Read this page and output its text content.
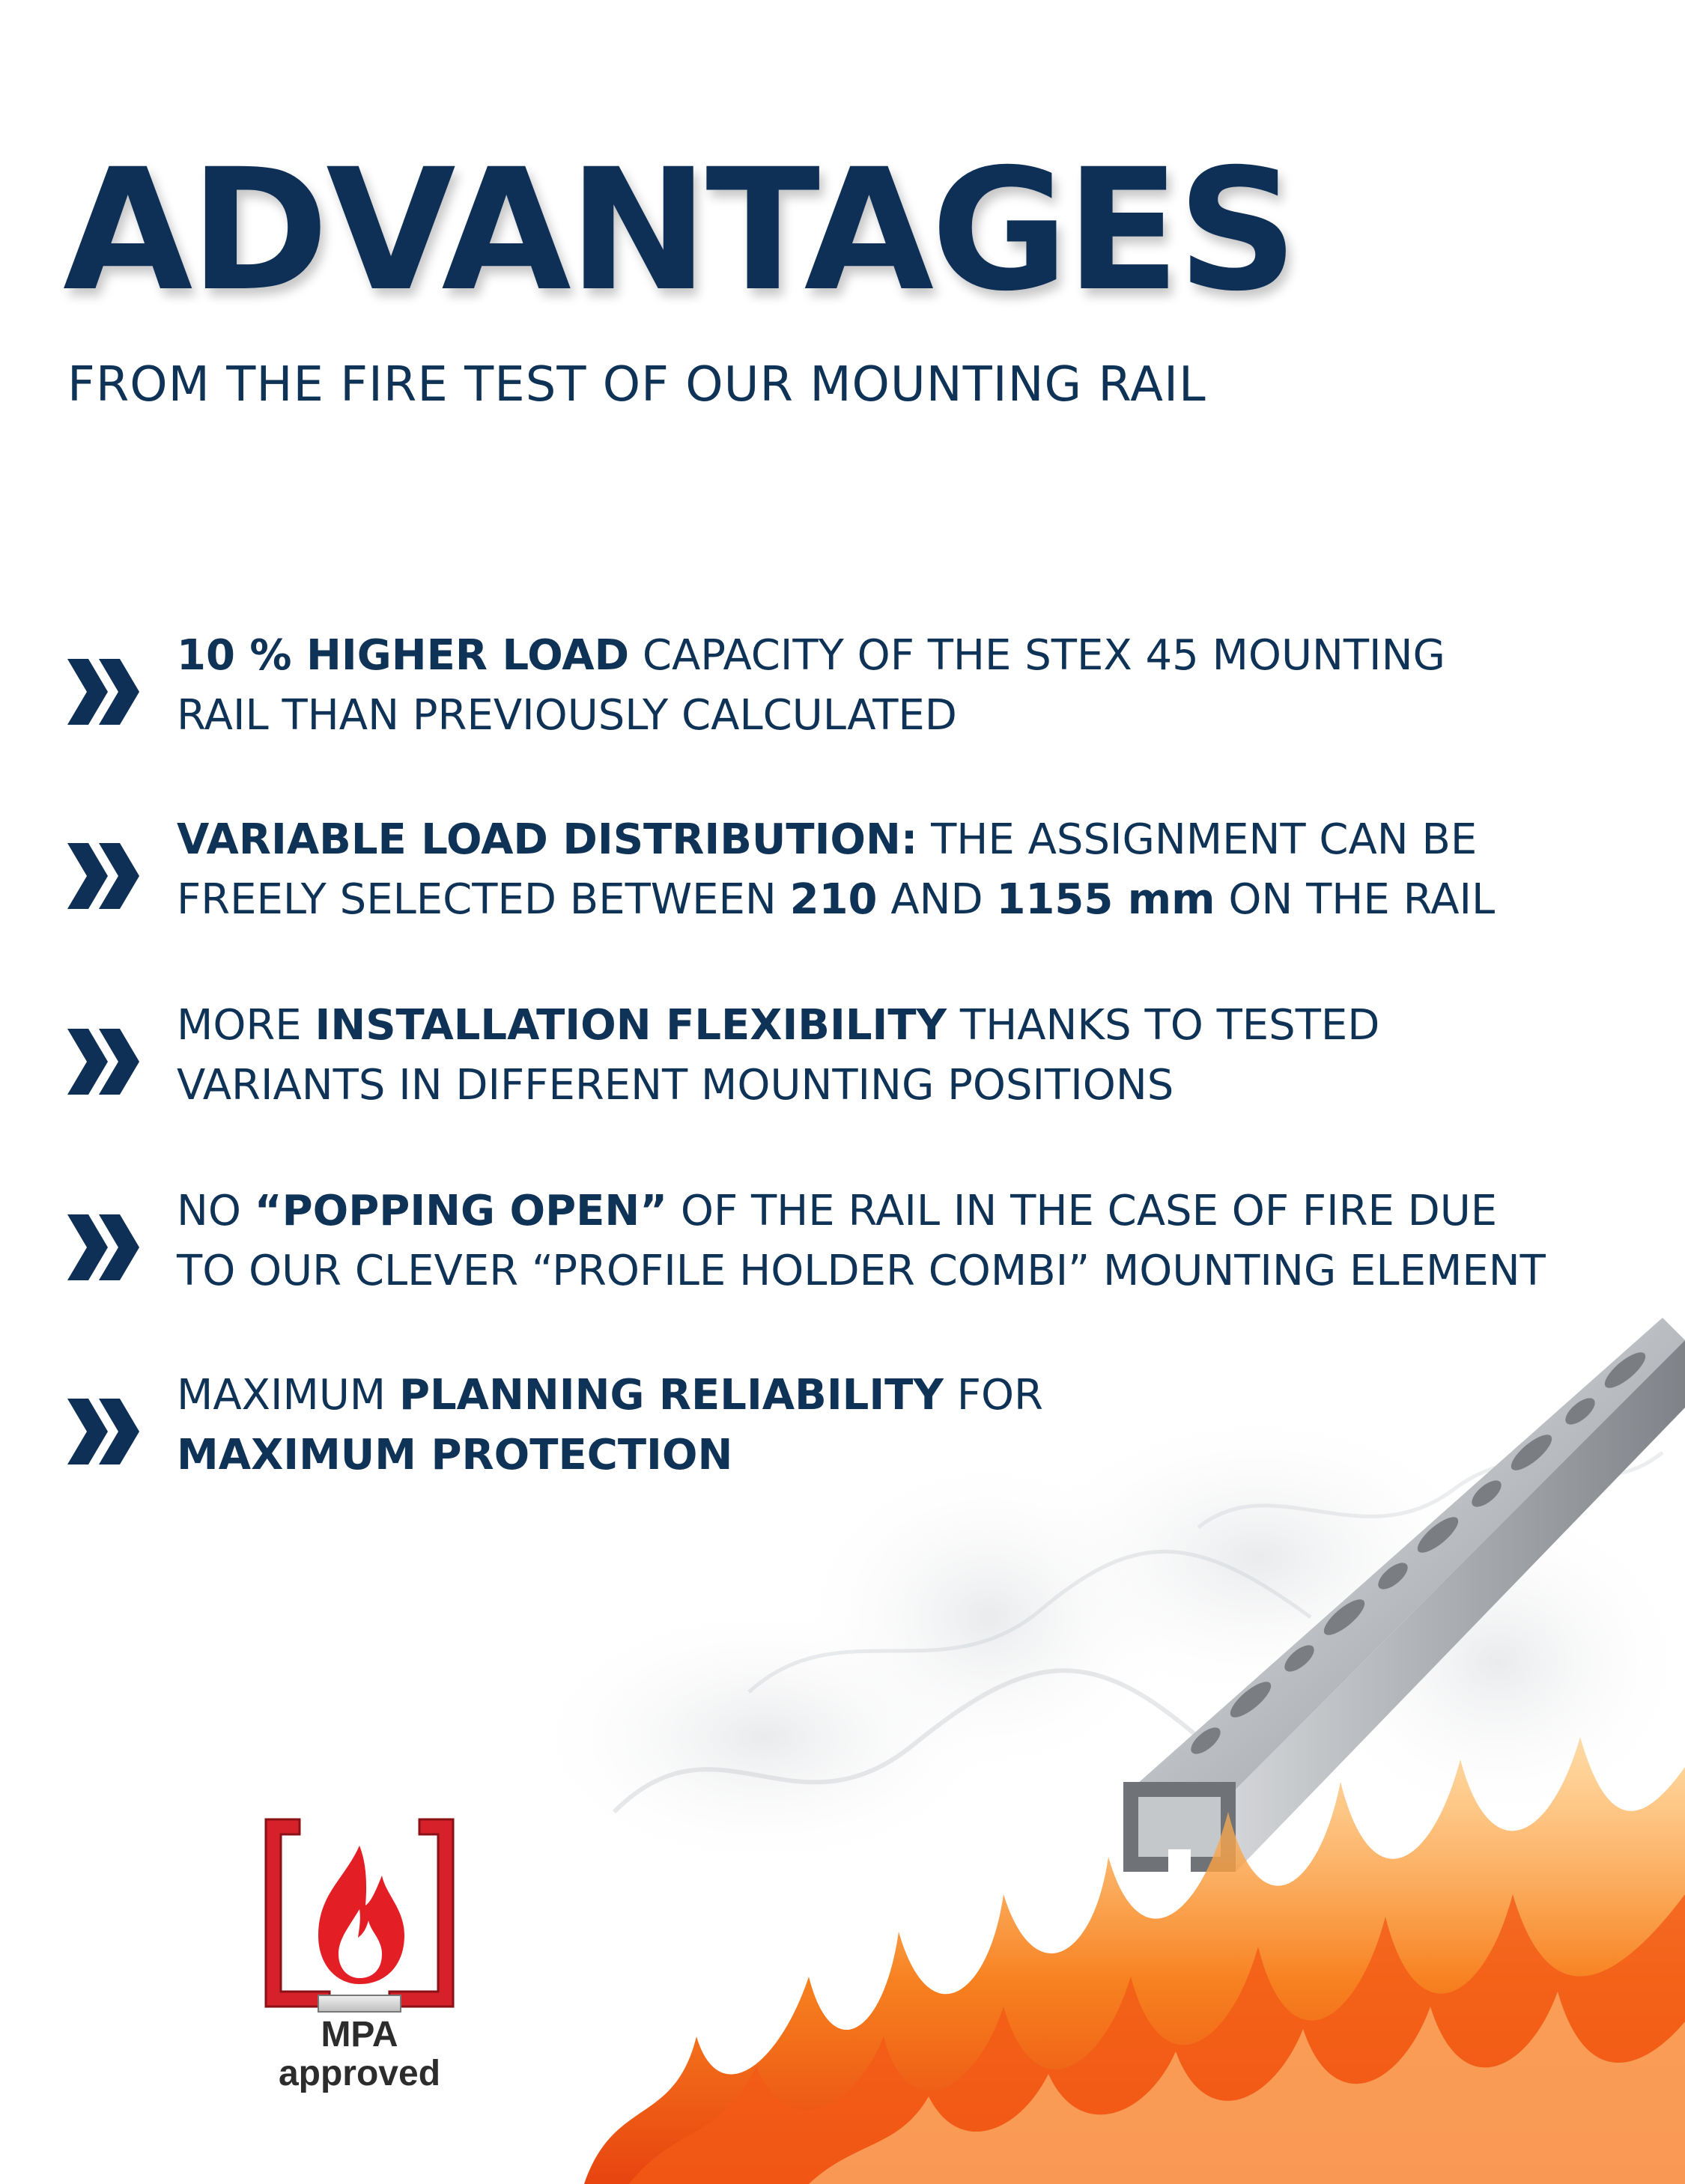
ADVANTAGES
FROM THE FIRE TEST OF OUR MOUNTING RAIL
10 % HIGHER LOAD CAPACITY OF THE STEX 45 MOUNTING
RAIL THAN PREVIOUSLY CALCULATED
VARIABLE LOAD DISTRIBUTION: THE ASSIGNMENT CAN BE
FREELY SELECTED BETWEEN 210 AND 1155 mm ON THE RAIL
MORE INSTALLATION FLEXIBILITY THANKS TO TESTED
VARIANTS IN DIFFERENT MOUNTING POSITIONS
NO “POPPING OPEN” OF THE RAIL IN THE CASE OF FIRE DUE
TO OUR CLEVER “PROFILE HOLDER COMBI” MOUNTING ELEMENT
MAXIMUM PLANNING RELIABILITY FOR
MAXIMUM PROTECTION
MPA
approved
